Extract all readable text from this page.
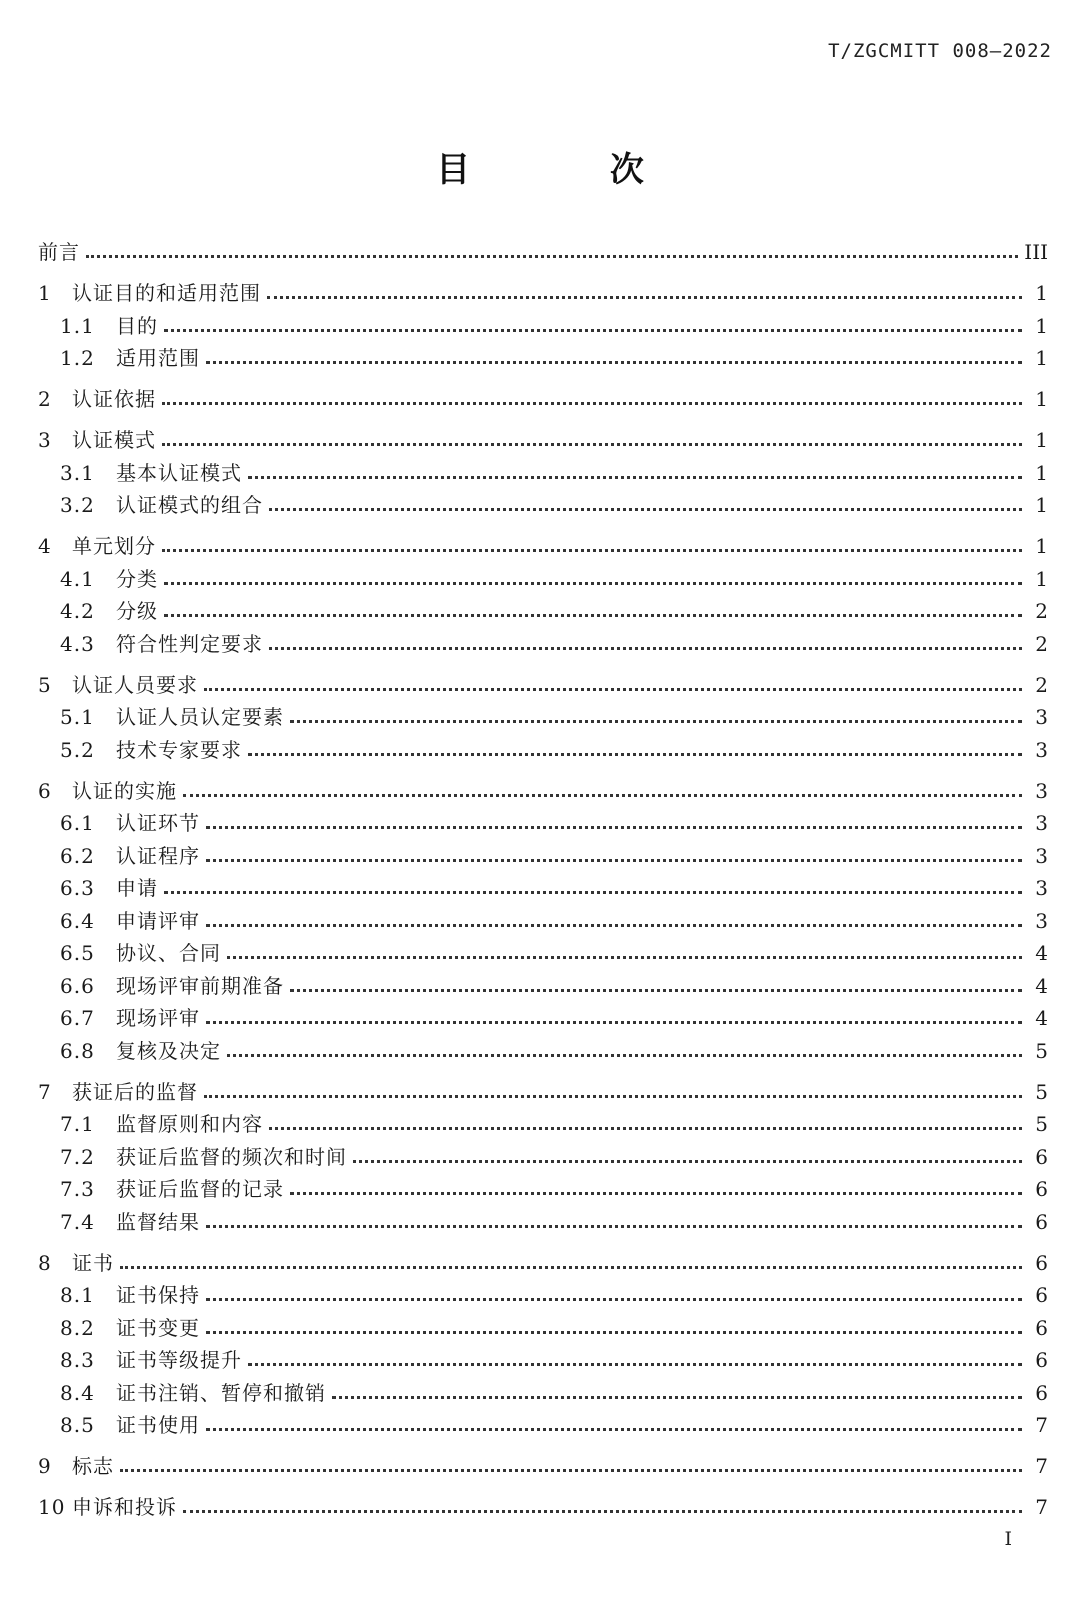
T/ZGCMITT 008—2022
目 次
前言	III
1	认证目的和适用范围	1
1.1	目的	1
1.2	适用范围	1
2	认证依据	1
3	认证模式	1
3.1	基本认证模式	1
3.2	认证模式的组合	1
4	单元划分	1
4.1	分类	1
4.2	分级	2
4.3	符合性判定要求	2
5	认证人员要求	2
5.1	认证人员认定要素	3
5.2	技术专家要求	3
6	认证的实施	3
6.1	认证环节	3
6.2	认证程序	3
6.3	申请	3
6.4	申请评审	3
6.5	协议、合同	4
6.6	现场评审前期准备	4
6.7	现场评审	4
6.8	复核及决定	5
7	获证后的监督	5
7.1	监督原则和内容	5
7.2	获证后监督的频次和时间	6
7.3	获证后监督的记录	6
7.4	监督结果	6
8	证书	6
8.1	证书保持	6
8.2	证书变更	6
8.3	证书等级提升	6
8.4	证书注销、暂停和撤销	6
8.5	证书使用	7
9	标志	7
10 申诉和投诉	7
I
